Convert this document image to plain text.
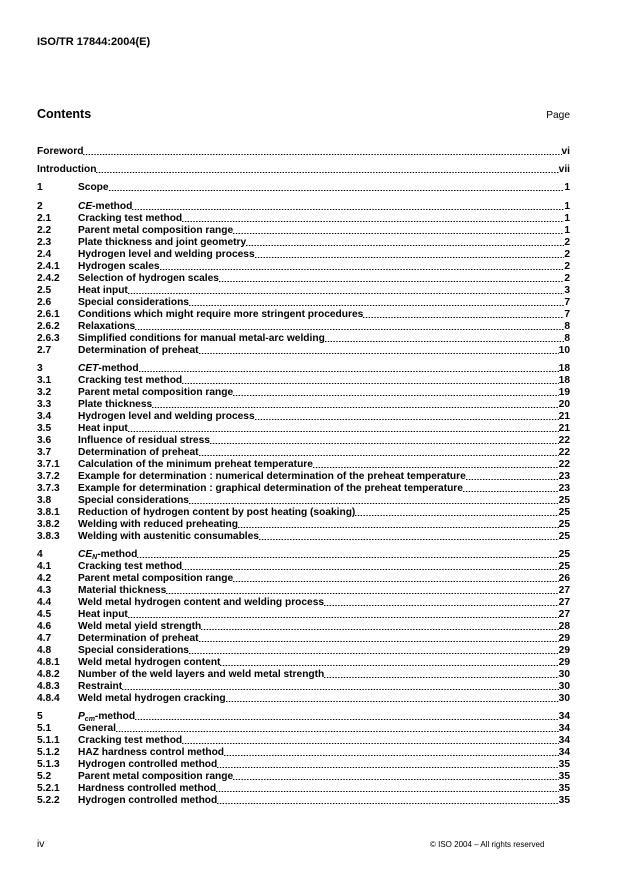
ISO/TR 17844:2004(E)
Contents	Page
Foreword	vi
Introduction	vii
1	Scope	1
2	CE-method	1
2.1	Cracking test method	1
2.2	Parent metal composition range	1
2.3	Plate thickness and joint geometry	2
2.4	Hydrogen level and welding process	2
2.4.1	Hydrogen scales	2
2.4.2	Selection of hydrogen scales	2
2.5	Heat input	3
2.6	Special considerations	7
2.6.1	Conditions which might require more stringent procedures	7
2.6.2	Relaxations	8
2.6.3	Simplified conditions for manual metal-arc welding	8
2.7	Determination of preheat	10
3	CET-method	18
3.1	Cracking test method	18
3.2	Parent metal composition range	19
3.3	Plate thickness	20
3.4	Hydrogen level and welding process	21
3.5	Heat input	21
3.6	Influence of residual stress	22
3.7	Determination of preheat	22
3.7.1	Calculation of the minimum preheat temperature	22
3.7.2	Example for determination : numerical determination of the preheat temperature	23
3.7.3	Example for determination : graphical determination of the preheat temperature	23
3.8	Special considerations	25
3.8.1	Reduction of hydrogen content by post heating (soaking)	25
3.8.2	Welding with reduced preheating	25
3.8.3	Welding with austenitic consumables	25
4	$CE_N$-method	25
4.1	Cracking test method	25
4.2	Parent metal composition range	26
4.3	Material thickness	27
4.4	Weld metal hydrogen content and welding process	27
4.5	Heat input	27
4.6	Weld metal yield strength	28
4.7	Determination of preheat	29
4.8	Special considerations	29
4.8.1	Weld metal hydrogen content	29
4.8.2	Number of the weld layers and weld metal strength	30
4.8.3	Restraint	30
4.8.4	Weld metal hydrogen cracking	30
5	$P_{cm}$-method	34
5.1	General	34
5.1.1	Cracking test method	34
5.1.2	HAZ hardness control method	34
5.1.3	Hydrogen controlled method	35
5.2	Parent metal composition range	35
5.2.1	Hardness controlled method	35
5.2.2	Hydrogen controlled method	35
iv	© ISO 2004 – All rights reserved
